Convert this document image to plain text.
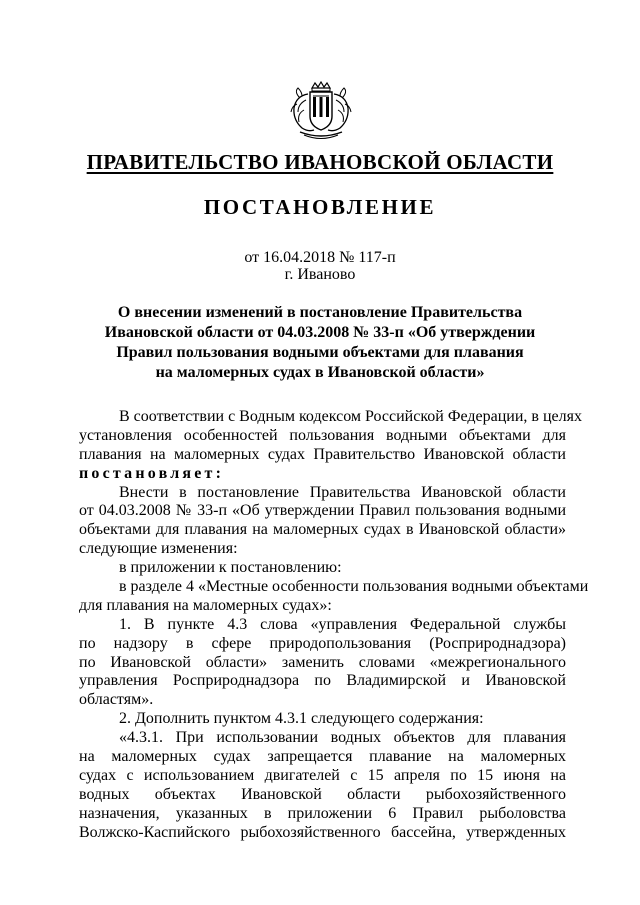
ПРАВИТЕЛЬСТВО ИВАНОВСКОЙ ОБЛАСТИ
ПОСТАНОВЛЕНИЕ
от 16.04.2018 № 117-п
г. Иваново
О внесении изменений в постановление Правительства
Ивановской области от 04.03.2008 № 33-п «Об утверждении
Правил пользования водными объектами для плавания
на маломерных судах в Ивановской области»
В соответствии с Водным кодексом Российской Федерации, в целях
установления особенностей пользования водными объектами для
плавания на маломерных судах Правительство Ивановской области
постановляет:
Внести в постановление Правительства Ивановской области
от 04.03.2008 № 33-п «Об утверждении Правил пользования водными
объектами для плавания на маломерных судах в Ивановской области»
следующие изменения:
в приложении к постановлению:
в разделе 4 «Местные особенности пользования водными объектами
для плавания на маломерных судах»:
1. В пункте 4.3 слова «управления Федеральной службы
по надзору в сфере природопользования (Росприроднадзора)
по Ивановской области» заменить словами «межрегионального
управления Росприроднадзора по Владимирской и Ивановской
областям».
2. Дополнить пунктом 4.3.1 следующего содержания:
«4.3.1. При использовании водных объектов для плавания
на маломерных судах запрещается плавание на маломерных
судах с использованием двигателей с 15 апреля по 15 июня на
водных объектах Ивановской области рыбохозяйственного
назначения, указанных в приложении 6 Правил рыболовства
Волжско-Каспийского рыбохозяйственного бассейна, утвержденных
